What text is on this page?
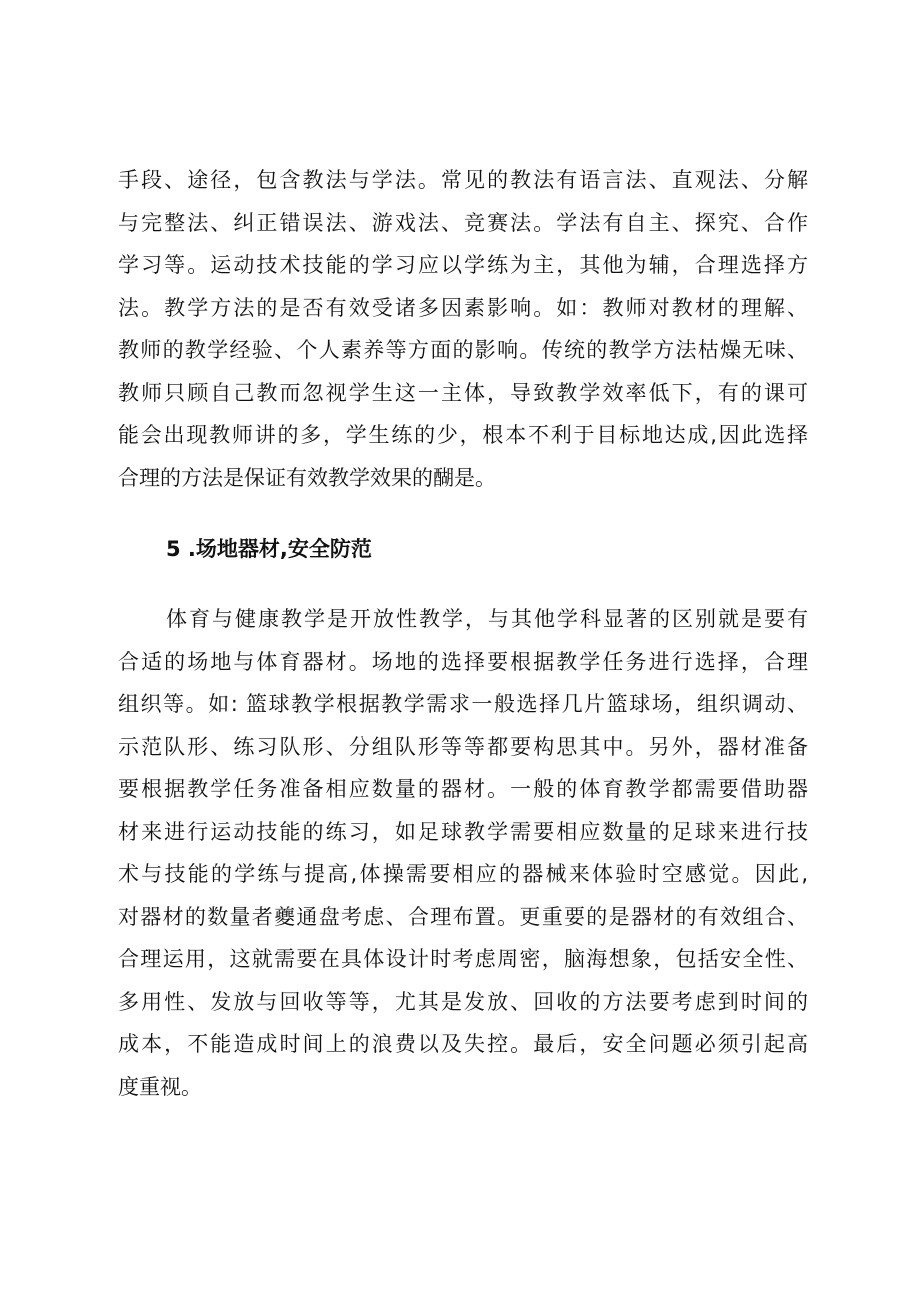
手段、途径，包含教法与学法。常见的教法有语言法、直观法、分解
与完整法、纠正错误法、游戏法、竞赛法。学法有自主、探究、合作
学习等。运动技术技能的学习应以学练为主，其他为辅，合理选择方
法。教学方法的是否有效受诸多因素影响。如：教师对教材的理解、
教师的教学经验、个人素养等方面的影响。传统的教学方法枯燥无味、
教师只顾自己教而忽视学生这一主体，导致教学效率低下，有的课可
能会出现教师讲的多，学生练的少，根本不利于目标地达成,因此选择
合理的方法是保证有效教学效果的醐是。
5 .场地器材,安全防范
体育与健康教学是开放性教学，与其他学科显著的区别就是要有
合适的场地与体育器材。场地的选择要根据教学任务进行选择，合理
组织等。如: 篮球教学根据教学需求一般选择几片篮球场，组织调动、
示范队形、练习队形、分组队形等等都要构思其中。另外，器材准备
要根据教学任务准备相应数量的器材。一般的体育教学都需要借助器
材来进行运动技能的练习，如足球教学需要相应数量的足球来进行技
术与技能的学练与提高,体操需要相应的器械来体验时空感觉。因此,
对器材的数量者夔通盘考虑、合理布置。更重要的是器材的有效组合、
合理运用，这就需要在具体设计时考虑周密，脑海想象，包括安全性、
多用性、发放与回收等等，尤其是发放、回收的方法要考虑到时间的
成本，不能造成时间上的浪费以及失控。最后，安全问题必须引起高
度重视。
